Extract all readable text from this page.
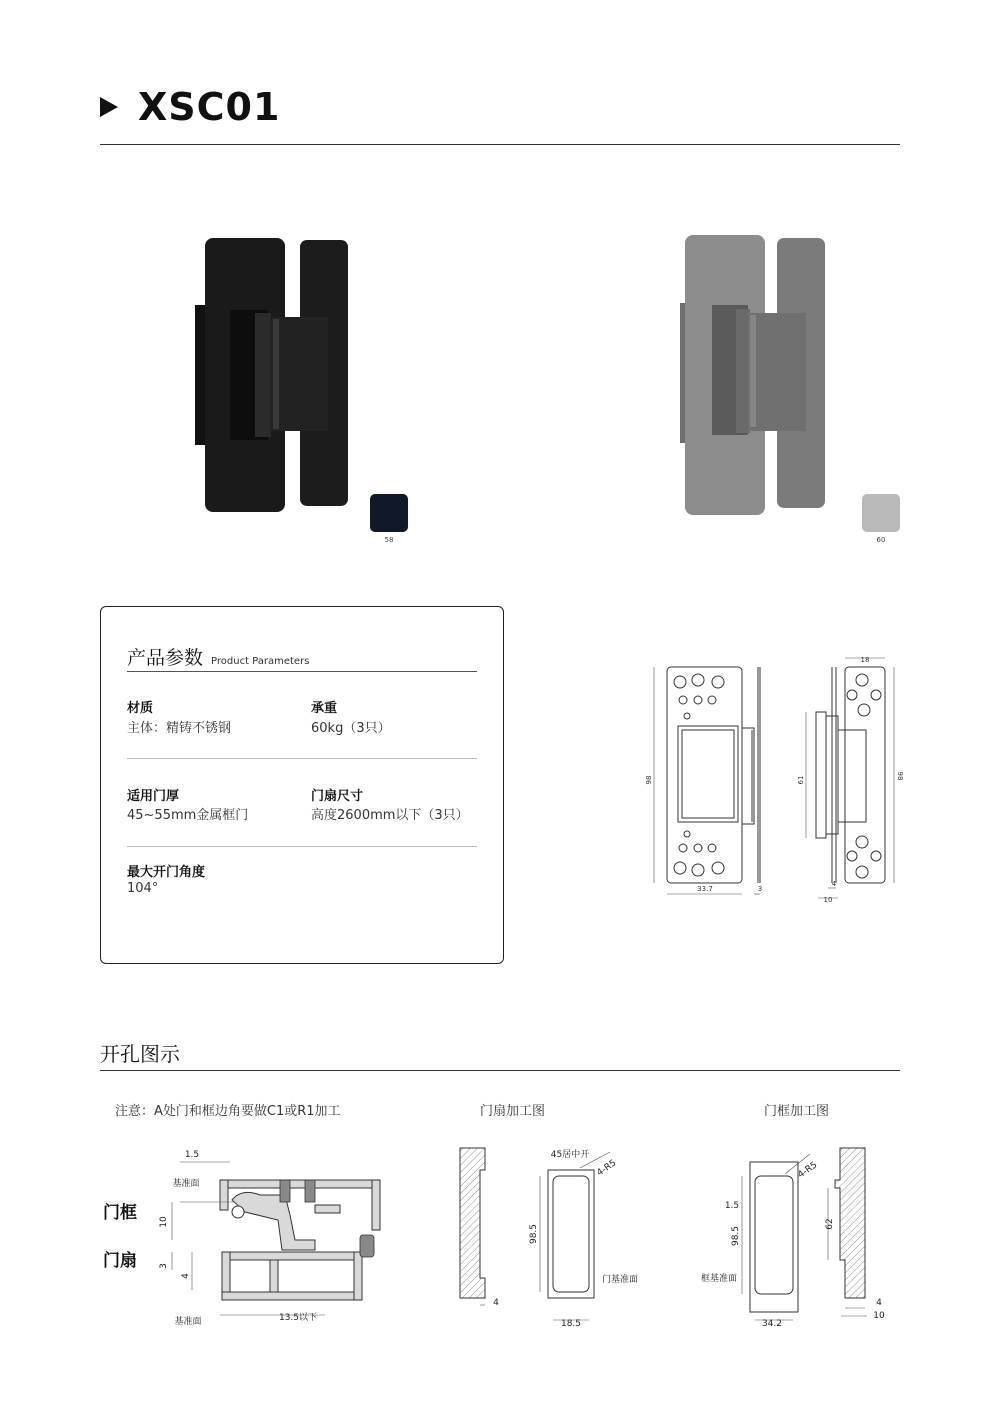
XSC01
58	60
产品参数 Product Parameters
材质
主体：精铸不锈钢
承重
60kg（3只）
适用门厚
45~55mm金属框门
门扇尺寸
高度2600mm以下（3只）
最大开门角度
104°
98
33.7	3
18
61	98
4
10
开孔图示
注意：A处门和框边角要做C1或R1加工	门扇加工图	门框加工图
门框
门扇
1.5
基准面
10
3
4
基准面	13.5以下
45居中开
4-R5
98.5
门基准面
4
18.5
4-R5
1.5
98.5
框基准面
34.2
62
4
10
